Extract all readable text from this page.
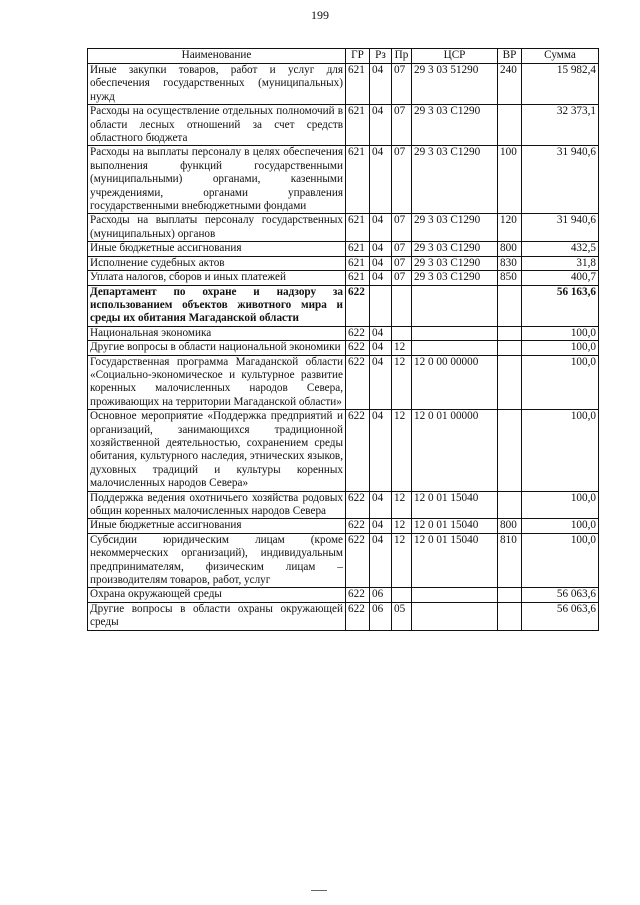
199
Наименование	ГР	Рз	Пр	ЦСР	ВР	Сумма
Иные закупки товаров, работ и услуг для обеспечения государственных (муниципальных) нужд	621	04	07	29 3 03 51290	240	15 982,4
Расходы на осуществление отдельных полномочий в области лесных отношений за счет средств областного бюджета	621	04	07	29 3 03 С1290		32 373,1
Расходы на выплаты персоналу в целях обеспечения выполнения функций государственными (муниципальными) органами, казенными учреждениями, органами управления государственными внебюджетными фондами	621	04	07	29 3 03 С1290	100	31 940,6
Расходы на выплаты персоналу государственных (муниципальных) органов	621	04	07	29 3 03 С1290	120	31 940,6
Иные бюджетные ассигнования	621	04	07	29 3 03 С1290	800	432,5
Исполнение судебных актов	621	04	07	29 3 03 С1290	830	31,8
Уплата налогов, сборов и иных платежей	621	04	07	29 3 03 С1290	850	400,7
Департамент по охране и надзору за использованием объектов животного мира и среды их обитания Магаданской области	622					56 163,6
Национальная экономика	622	04				100,0
Другие вопросы в области национальной экономики	622	04	12			100,0
Государственная программа Магаданской области «Социально-экономическое и культурное развитие коренных малочисленных народов Севера, проживающих на территории Магаданской области»	622	04	12	12 0 00 00000		100,0
Основное мероприятие «Поддержка предприятий и организаций, занимающихся традиционной хозяйственной деятельностью, сохранением среды обитания, культурного наследия, этнических языков, духовных традиций и культуры коренных малочисленных народов Севера»	622	04	12	12 0 01 00000		100,0
Поддержка ведения охотничьего хозяйства родовых общин коренных малочисленных народов Севера	622	04	12	12 0 01 15040		100,0
Иные бюджетные ассигнования	622	04	12	12 0 01 15040	800	100,0
Субсидии юридическим лицам (кроме некоммерческих организаций), индивидуальным предпринимателям, физическим лицам – производителям товаров, работ, услуг	622	04	12	12 0 01 15040	810	100,0
Охрана окружающей среды	622	06				56 063,6
Другие вопросы в области охраны окружающей среды	622	06	05			56 063,6
